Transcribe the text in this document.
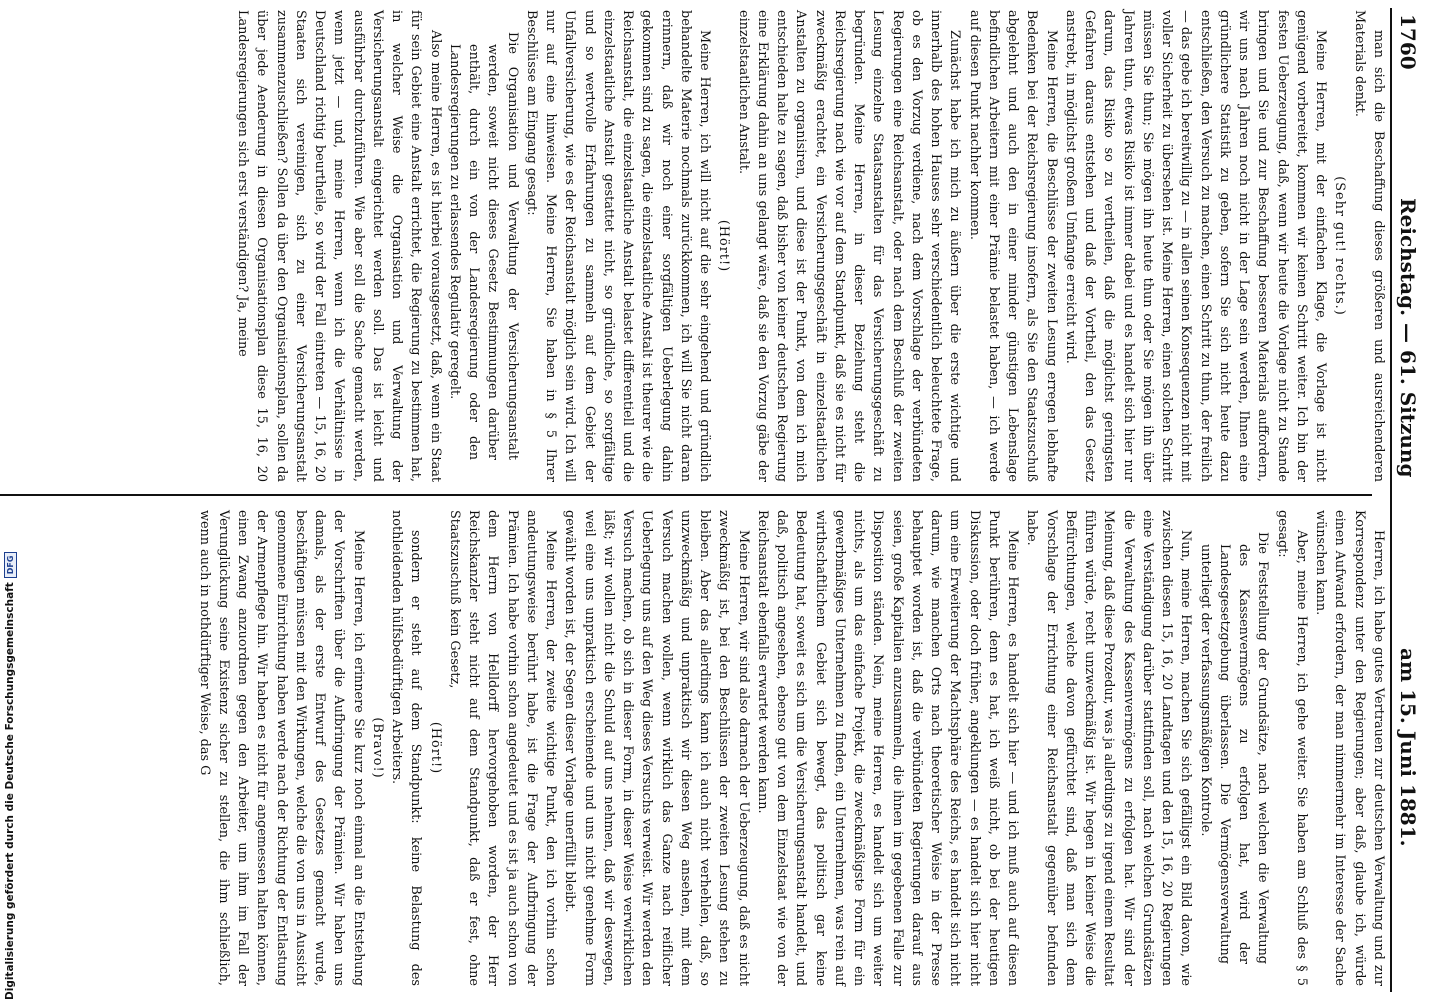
1760
Reichstag. — 61. Sitzung
am 15. Juni 1881.

man sich die Beschaffung dieses größeren und ausreichenderen Materials denkt.

(Sehr gut! rechts.)

Meine Herren, mit der einfachen Klage, die Vorlage ist nicht genügend vorbereitet, kommen wir keinen Schritt weiter. Ich bin der festen Ueberzeugung, daß, wenn wir heute die Vorlage nicht zu Stande bringen und Sie und zur Beschaffung besseren Materials auffordern, wir uns nach Jahren noch nicht in der Lage sein werden, Ihnen eine gründlichere Statistik zu geben, sofern Sie sich nicht heute dazu entschließen, den Versuch zu machen, einen Schritt zu thun, der freilich — das gebe ich bereitwillig zu — in allen seinen Konsequenzen nicht mit voller Sicherheit zu übersehen ist. Meine Herren, einen solchen Schritt müssen Sie thun; Sie mögen ihn heute thun oder Sie mögen ihn über Jahren thun, etwas Risiko ist immer dabei und es handelt sich hier nur darum, das Risiko so zu vertheilen, daß die möglichst geringsten Gefahren daraus entstehen und daß der Vortheil, den das Gesetz anstrebt, in möglichst großem Umfange erreicht wird.

Meine Herren, die Beschlüsse der zweiten Lesung erregen lebhafte Bedenken bei der Reichsregierung insofern, als Sie den Staatszuschuß abgelehnt und auch den in einer minder günstigen Lebenslage befindlichen Arbeitern mit einer Prämie belastet haben, — ich werde auf diesen Punkt nachher kommen.

Zunächst habe ich mich zu äußern über die erste wichtige und innerhalb des hohen Hauses sehr verschiedentlich beleuchtete Frage, ob es den Vorzug verdiene, nach dem Vorschlage der verbündeten Regierungen eine Reichsanstalt, oder nach dem Beschluß der zweiten Lesung einzelne Staatsanstalten für das Versicherungsgeschäft zu begründen. Meine Herren, in dieser Beziehung steht die Reichsregierung nach wie vor auf dem Standpunkt, daß sie es nicht für zweckmäßig erachtet, ein Versicherungsgeschäft in einzelstaatlichen Anstalten zu organisiren, und diese ist der Punkt, von dem ich mich entschieden halte zu sagen, daß bisher von keiner deutschen Regierung eine Erklärung dahin an uns gelangt wäre, daß sie den Vorzug gäbe der einzelstaatlichen Anstalt.

(Hört!)

Meine Herren, ich will nicht auf die sehr eingehend und gründlich behandelte Materie nochmals zurückkommen, ich will Sie nicht daran erinnern, daß wir noch einer sorgfältigen Ueberlegung dahin gekommen sind zu sagen, die einzelstaatliche Anstalt ist theurer wie die Reichsanstalt, die einzelstaatliche Anstalt belastet differentiell und die einzelstaatliche Anstalt gestattet nicht, so gründliche, so sorgfältige und so wertvolle Erfahrungen zu sammeln auf dem Gebiet der Unfallversicherung, wie es der Reichsanstalt möglich sein wird. Ich will nur auf eine hinweisen. Meine Herren, Sie haben in § 5 Ihrer Beschlüsse am Eingang gesagt:

Die Organisation und Verwaltung der Versicherungsanstalt werden, soweit nicht dieses Gesetz Bestimmungen darüber enthält, durch ein von der Landesregierung oder den Landesregierungen zu erlassendes Regulativ geregelt.

Also meine Herren, es ist hierbei vorausgesetzt, daß, wenn ein Staat für sein Gebiet eine Anstalt errichtet, die Regierung zu bestimmen hat, in welcher Weise die Organisation und Verwaltung der Versicherungsanstalt eingerichtet werden soll. Das ist leicht und ausführbar durchzuführen. Wie aber soll die Sache gemacht werden, wenn jetzt — und, meine Herren, wenn ich die Verhältnisse in Deutschland richtig beurtheile, so wird der Fall eintreten — 15, 16, 20 Staaten sich vereinigen, sich zu einer Versicherungsanstalt zusammenzuschließen? Sollen da über den Organisationsplan, sollen da über jede Aenderung in diesen Organisationsplan diese 15, 16, 20 Landesregierungen sich erst verständigen? Ja, meine

Herren, ich habe gutes Vertrauen zur deutschen Verwaltung und zur Korrespondenz unter den Regierungen; aber daß, glaube ich, würde einen Aufwand erfordern, der man nimmermehr im Interesse der Sache wünschen kann.

Aber, meine Herren, ich gehe weiter. Sie haben am Schluß des § 5 gesagt:

Die Feststellung der Grundsätze, nach welchen die Verwaltung des Kassenvermögens zu erfolgen hat, wird der Landesgesetzgebung überlassen. Die Vermögensverwaltung unterliegt der verfassungsmäßigen Kontrole.

Nun, meine Herren, machen Sie sich gefälligst ein Bild davon, wie zwischen diesen 15, 16, 20 Landtagen und den 15, 16, 20 Regierungen eine Verständigung darüber stattfinden soll, nach welchen Grundsätzen die Verwaltung des Kassenvermögens zu erfolgen hat. Wir sind der Meinung, daß diese Prozedur, was ja allerdings zu irgend einem Resultat führen würde, recht unzweckmäßig ist. Wir hegen in keiner Weise die Befürchtungen, welche davon gefürchtet sind, daß man sich dem Vorschlage der Errichtung einer Reichsanstalt gegenüber befunden habe.

Meine Herren, es handelt sich hier — und ich muß auch auf diesen Punkt berühren, denn es hat, ich weiß nicht, ob bei der heutigen Diskussion, oder doch früher, angeklungen — es handelt sich hier nicht um eine Erweiterung der Machtsphäre des Reichs, es handelt sich nicht darum, wie manchen Orts nach theoretischer Weise in der Presse behauptet worden ist, daß die verbündeten Regierungen darauf aus seien, große Kapitalien anzusammeln, die ihnen im gegebenen Falle zur Disposition ständen. Nein, meine Herren, es handelt sich um weiter nichts, als um das einfache Projekt, die zweckmäßigste Form für ein gewerbmäßiges Unternehmen zu finden, ein Unternehmen, was rein auf wirthschaftlichem Gebiet sich bewegt, das politisch gar keine Bedeutung hat, soweit es sich um die Versicherungsanstalt handelt, und daß, politisch angesehen, ebenso gut von dem Einzelstaat wie von der Reichsanstalt ebenfalls erwartet werden kann.

Meine Herren, wir sind also darnach der Ueberzeugung, daß es nicht zweckmäßig ist, bei den Beschlüssen der zweiten Lesung stehen zu bleiben. Aber das allerdings kann ich auch nicht verhehlen, daß, so unzweckmäßig und unpraktisch wir diesen Weg ansehen, mit dem Versuch machen wollen, wenn wirklich das Ganze nach reiflicher Ueberlegung uns auf den Weg dieses Versuchs verweist. Wir werden den Versuch machen, ob sich in dieser Form, in dieser Weise verwirklichen läßt; wir wollen nicht die Schuld auf uns nehmen, daß wir deswegen, weil eine uns unpraktisch erscheinende und uns nicht genehme Form gewählt worden ist, der Segen dieser Vorlage unerfüllt bleibt.

Meine Herren, der zweite wichtige Punkt, den ich vorhin schon andeutungsweise berührt habe, ist die Frage der Aufbringung der Prämien. Ich habe vorhin schon angedeutet und es ist ja auch schon von dem Herrn von Helldorff hervorgehoben worden, der Herr Reichskanzler steht nicht auf dem Standpunkt, daß er fest, ohne Staatszuschuß kein Gesetz,

(Hört!)

sondern er steht auf dem Standpunkt: keine Belastung des nothleidenden hülfsbedürftigen Arbeiters.

(Bravo!)

Meine Herren, ich erinnere Sie kurz noch einmal an die Entstehung der Vorschriften über die Aufbringung der Prämien. Wir haben uns damals, als der erste Entwurf des Gesetzes gemacht wurde, beschäftigen müssen mit den Wirkungen, welche die von uns in Aussicht genommene Einrichtung haben werde nach der Richtung der Entlastung der Armenpflege hin. Wir haben es nicht für angemessen halten können, einen Zwang anzuordnen gegen den Arbeiter, um ihm im Fall der Verunglückung seine Existenz sicher zu stellen, die ihm schließlich, wenn auch in nothdürftiger Weise, das G

Digitalisierung gefördert durch die Deutsche Forschungsgemeinschaft
DFG
